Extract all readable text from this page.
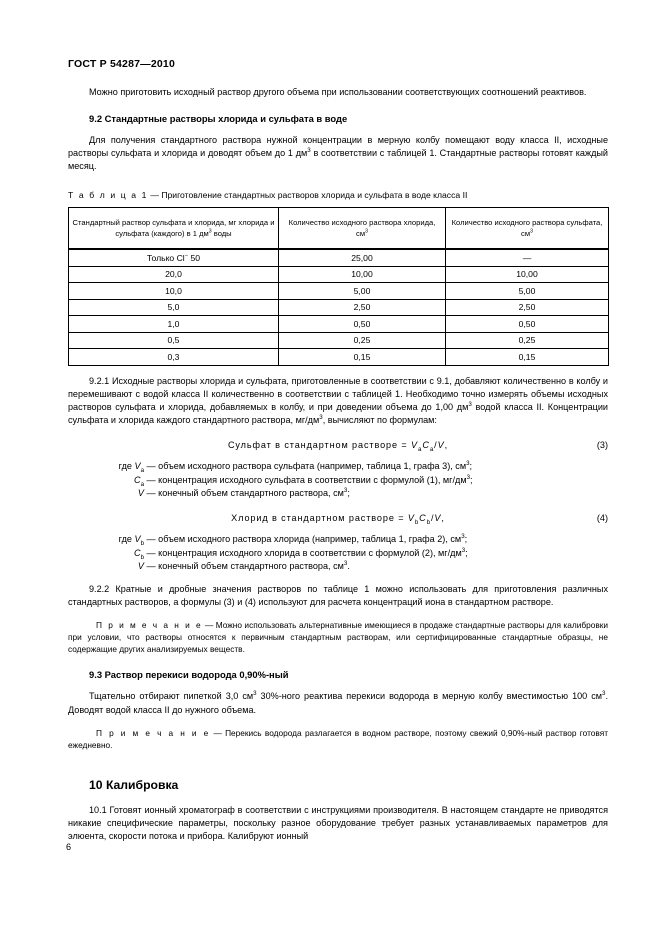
ГОСТ Р 54287—2010

Можно приготовить исходный раствор другого объема при использовании соответствующих соотношений реактивов.

9.2 Стандартные растворы хлорида и сульфата в воде

Для получения стандартного раствора нужной концентрации в мерную колбу помещают воду класса II, исходные растворы сульфата и хлорида и доводят объем до 1 $дм^3$ в соответствии с таблицей 1. Стандартные растворы готовят каждый месяц.

Т а б л и ц а 1 — Приготовление стандартных растворов хлорида и сульфата в воде класса II
Стандартный раствор сульфата и хлорида, мг хлорида и сульфата (каждого) в 1 $дм^3$ воды	Количество исходного раствора хлорида, $см^3$	Количество исходного раствора сульфата, $см^3$
Только Cl− 50	25,00	—
20,0	10,00	10,00
10,0	5,00	5,00
5,0	2,50	2,50
1,0	0,50	0,50
0,5	0,25	0,25
0,3	0,15	0,15

9.2.1 Исходные растворы хлорида и сульфата, приготовленные в соответствии с 9.1, добавляют количественно в колбу и перемешивают с водой класса II количественно в соответствии с таблицей 1. Необходимо точно измерять объемы исходных растворов сульфата и хлорида, добавляемых в колбу, и при доведении объема до 1,00 $дм^3$ водой класса II. Концентрации сульфата и хлорида каждого стандартного раствора, $мг/дм^3$, вычисляют по формулам:

Сульфат в стандартном растворе = $V_aC_a/V$,	(3)
где $V_a$ — объем исходного раствора сульфата (например, таблица 1, графа 3), $см^3$;
$C_a$ — концентрация исходного сульфата в соответствии с формулой (1), $мг/дм^3$;
V — конечный объем стандартного раствора, $см^3$;
Хлорид в стандартном растворе = $V_bC_b/V$,	(4)
где $V_b$ — объем исходного раствора хлорида (например, таблица 1, графа 2), $см^3$;
$C_b$ — концентрация исходного хлорида в соответствии с формулой (2), $мг/дм^3$;
V — конечный объем стандартного раствора, $см^3$.

9.2.2 Кратные и дробные значения растворов по таблице 1 можно использовать для приготовления различных стандартных растворов, а формулы (3) и (4) используют для расчета концентраций иона в стандартном растворе.

П р и м е ч а н и е — Можно использовать альтернативные имеющиеся в продаже стандартные растворы для калибровки при условии, что растворы относятся к первичным стандартным растворам, или сертифицированные стандартные образцы, не содержащие других анализируемых веществ.

9.3 Раствор перекиси водорода 0,90%-ный

Тщательно отбирают пипеткой 3,0 $см^3$ 30%-ного реактива перекиси водорода в мерную колбу вместимостью 100 $см^3$. Доводят водой класса II до нужного объема.

П р и м е ч а н и е — Перекись водорода разлагается в водном растворе, поэтому свежий 0,90%-ный раствор готовят ежедневно.

10 Калибровка

10.1 Готовят ионный хроматограф в соответствии с инструкциями производителя. В настоящем стандарте не приводятся никакие специфические параметры, поскольку разное оборудование требует разных устанавливаемых параметров для элюента, скорости потока и прибора. Калибруют ионный

6
